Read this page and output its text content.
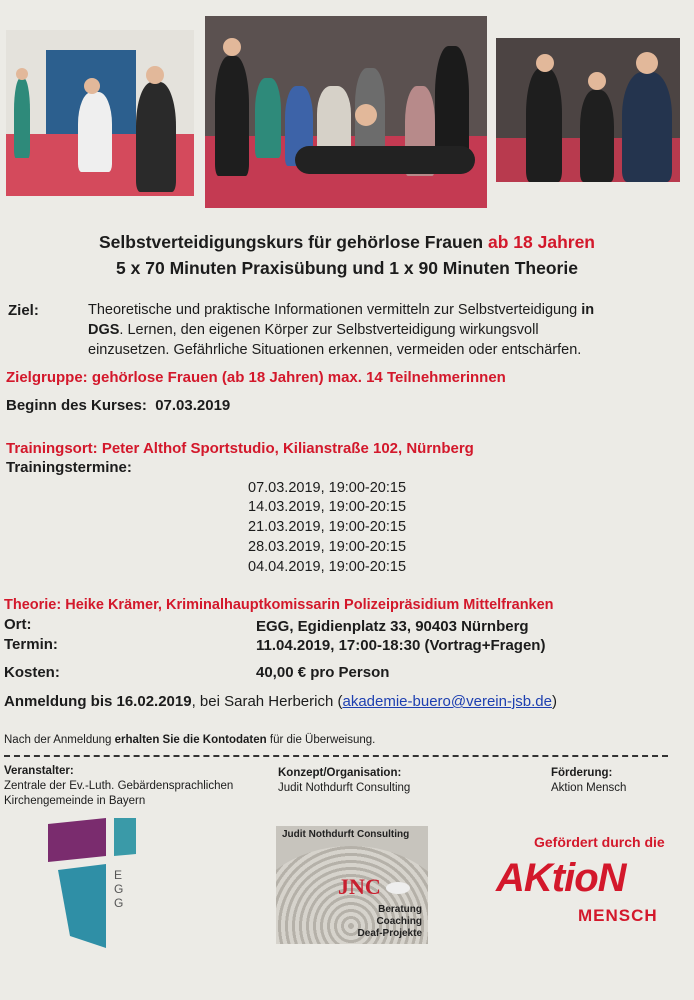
Selbstverteidigungskurs für gehörlose Frauen ab 18 Jahren
5 x 70 Minuten Praxisübung und 1 x 90 Minuten Theorie
Ziel:	Theoretische und praktische Informationen vermitteln zur Selbstverteidigung in
DGS. Lernen, den eigenen Körper zur Selbstverteidigung wirkungsvoll
einzusetzen. Gefährliche Situationen erkennen, vermeiden oder entschärfen.
Zielgruppe: gehörlose Frauen (ab 18 Jahren) max. 14 Teilnehmerinnen
Beginn des Kurses:  07.03.2019
Trainingsort: Peter Althof Sportstudio, Kilianstraße 102, Nürnberg
Trainingstermine:
07.03.2019, 19:00-20:15
14.03.2019, 19:00-20:15
21.03.2019, 19:00-20:15
28.03.2019, 19:00-20:15
04.04.2019, 19:00-20:15
Theorie: Heike Krämer, Kriminalhauptkomissarin Polizeipräsidium Mittelfranken
Ort:	EGG, Egidienplatz 33, 90403 Nürnberg
Termin:	11.04.2019, 17:00-18:30 (Vortrag+Fragen)
Kosten:	40,00 € pro Person
Anmeldung bis 16.02.2019, bei Sarah Herberich (akademie-buero@verein-jsb.de)
Nach der Anmeldung erhalten Sie die Kontodaten für die Überweisung.
Veranstalter:
Zentrale der Ev.-Luth. Gebärdensprachlichen
Kirchengemeinde in Bayern
Konzept/Organisation:
Judit Nothdurft Consulting
Förderung:
Aktion Mensch
EGG
Judit Nothdurft Consulting
JNC
Beratung
Coaching
Deaf-Projekte
Gefördert durch die
AKtioN
MENSCH
